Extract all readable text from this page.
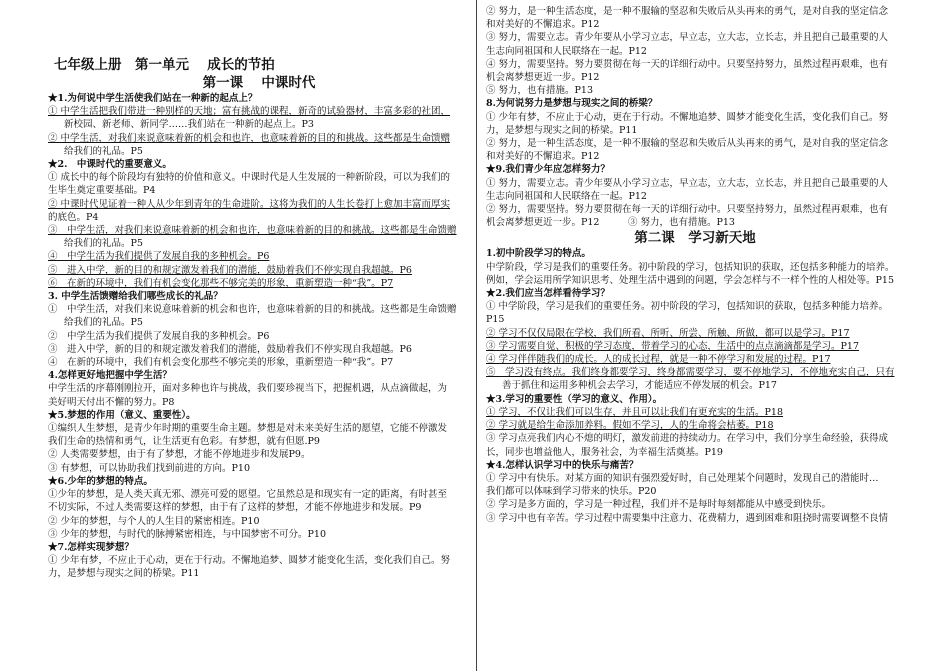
七年级上册　第一单元　 成长的节拍
第一课　 中课时代
★1.为何说中学生活使我们站在一种新的起点上？
① 中学生活把我们带进一种别样的天地；富有挑战的课程，新奇的试验器材，丰富多彩的社团，
新校园、新老师、新同学……我们站在一种新的起点上。P3
② 中学生活，对我们来说意味着新的机会和也许，也意味着新的目的和挑战。这些都是生命馈赠
给我们的礼品。P5
★2.　中课时代的重要意义。
① 成长中的每个阶段均有独特的价值和意义。中课时代是人生发展的一种新阶段，可以为我们的
生毕生奠定重要基础。P4
② 中课时代见证着一种人从少年到青年的生命进阶。这将为我们的人生长卷打上愈加丰富而厚实
的底色。P4
③　中学生活，对我们来说意味着新的机会和也许，也意味着新的目的和挑战。这些都是生命馈赠
给我们的礼品。P5
④　中学生活为我们提供了发展自我的多种机会。P6
⑤　进入中学，新的目的和规定激发着我们的潜能，鼓励着我们不停实现自我超越。P6
⑥　在新的环境中，我们有机会变化那些不够完美的形象，重新塑造一种“我”。P7
3. 中学生活馈赠给我们哪些成长的礼品？
①　中学生活，对我们来说意味着新的机会和也许，也意味着新的目的和挑战。这些都是生命馈赠
给我们的礼品。P5
②　中学生活为我们提供了发展自我的多种机会。P6
③　进入中学，新的目的和规定激发着我们的潜能，鼓励着我们不停实现自我超越。P6
④　在新的环境中，我们有机会变化那些不够完美的形象，重新塑造一种“我”。P7
4.怎样更好地把握中学生活？
中学生活的序幕刚刚拉开，面对多种也许与挑战，我们要珍视当下，把握机遇，从点滴做起，为
美好明天付出不懈的努力。P8
★5.梦想的作用（意义、重要性）。
①编织人生梦想，是青少年时期的重要生命主题。梦想是对未来美好生活的愿望，它能不停激发
我们生命的热情和勇气，让生活更有色彩。有梦想，就有但愿.P9
② 人类需要梦想，由于有了梦想，才能不停地进步和发展P9。
③ 有梦想，可以协助我们找到前进的方向。P10
★6.少年的梦想的特点。
①少年的梦想，是人类天真无邪、漂亮可爱的愿望。它虽然总是和现实有一定的距离，有时甚至
不切实际，不过人类需要这样的梦想，由于有了这样的梦想，才能不停地进步和发展。P9
② 少年的梦想，与个人的人生目的紧密相连。P10
③ 少年的梦想，与时代的脉搏紧密相连，与中国梦密不可分。P10
★7.怎样实现梦想？
① 少年有梦，不应止于心动，更在于行动。不懈地追梦、圆梦才能变化生活，变化我们自己。努
力，是梦想与现实之间的桥梁。P11
② 努力，是一种生活态度，是一种不服输的坚忍和失败后从头再来的勇气，是对自我的坚定信念
和对美好的不懈追求。P12
③ 努力，需要立志。青少年要从小学习立志，早立志，立大志，立长志，并且把自己最重要的人
生志向同祖国和人民联络在一起。P12
④ 努力，需要坚持。努力要贯彻在每一天的详细行动中。只要坚持努力，虽然过程再艰难，也有
机会离梦想更近一步。P12
⑤ 努力，也有措施。P13
8.为何说努力是梦想与现实之间的桥梁？
① 少年有梦，不应止于心动，更在于行动。不懈地追梦、圆梦才能变化生活，变化我们自己。努
力，是梦想与现实之间的桥梁。P11
② 努力，是一种生活态度，是一种不服输的坚忍和失败后从头再来的勇气，是对自我的坚定信念
和对美好的不懈追求。P12
★9.我们青少年应怎样努力？
① 努力，需要立志。青少年要从小学习立志，早立志，立大志，立长志，并且把自己最重要的人
生志向同祖国和人民联络在一起。P12
② 努力，需要坚持。努力要贯彻在每一天的详细行动中。只要坚持努力，虽然过程再艰难，也有
机会离梦想更近一步。P12　　　③ 努力，也有措施。P13
第二课　学习新天地
1.初中阶段学习的特点。
中学阶段，学习是我们的重要任务。初中阶段的学习，包括知识的获取，还包括多种能力的培养。
例如，学会运用所学知识思考、处理生活中遇到的问题，学会怎样与不一样个性的人相处等。P15
★2.我们应当怎样看待学习？
① 中学阶段，学习是我们的重要任务。初中阶段的学习，包括知识的获取，包括多种能力培养。
P15
② 学习不仅仅局限在学校，我们所看、所听、所尝、所触、所做，都可以是学习。P17
③ 学习需要自觉、积极的学习态度，带着学习的心态，生活中的点点滴滴都是学习。P17
④ 学习伴伴随我们的成长。人的成长过程，就是一种不停学习和发展的过程。P17
⑤　学习没有终点。我们终身都要学习，终身都需要学习，要不停地学习，不停地充实自己，只有
善于抓住和运用多种机会去学习，才能适应不停发展的机会。P17
★3.学习的重要性（学习的意义、作用）。
① 学习，不仅让我们可以生存，并且可以让我们有更充实的生活。P18
② 学习就是给生命添加养料。假如不学习，人的生命将会枯萎。P18
③ 学习点亮我们内心不熄的明灯，激发前进的持续动力。在学习中，我们分享生命经验，获得成
长，同步也增益他人，服务社会，为幸福生活奠基。P19
★4.怎样认识学习中的快乐与痛苦？
① 学习中有快乐。对某方面的知识有强烈爱好时，自己处理某个问题时，发现自己的潜能时…
我们都可以体味到学习带来的快乐。P20
② 学习是多方面的，学习是一种过程，我们并不是每时每刻都能从中感受到快乐。
③ 学习中也有辛苦。学习过程中需要集中注意力、花费精力，遇到困难和阻挠时需要调整不良情
